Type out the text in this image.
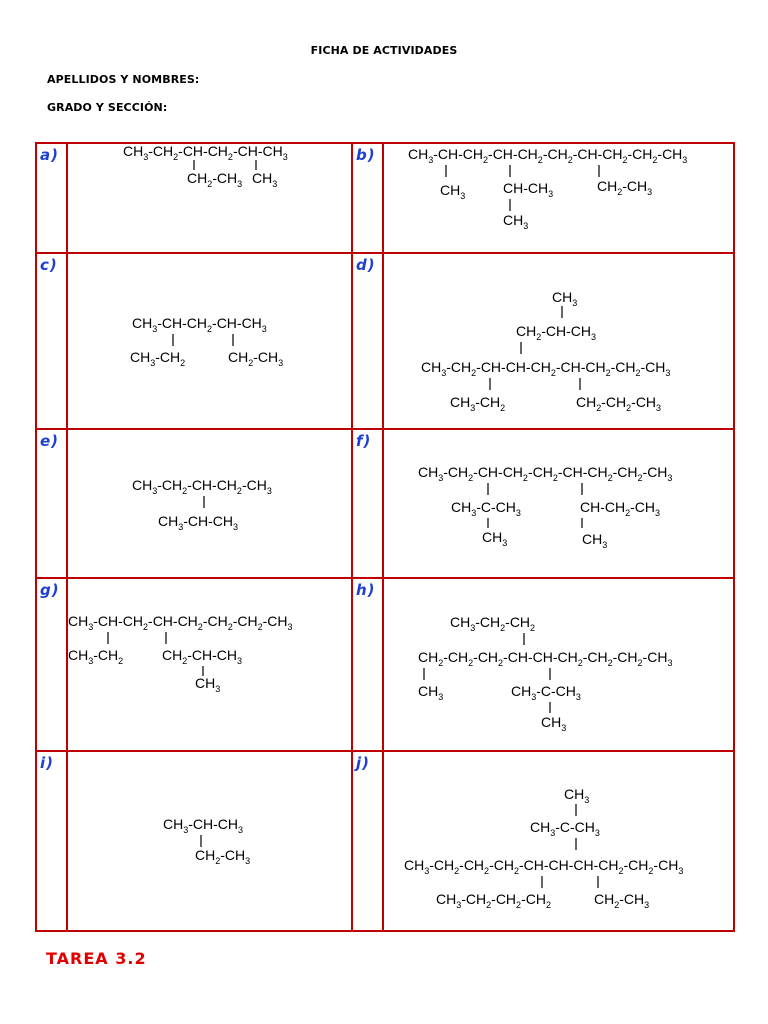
FICHA DE ACTIVIDADES
APELLIDOS Y NOMBRES:
GRADO Y SECCIÓN:
a)	b)
c)	d)
e)	f)
g)	h)
i)	j)
$CH_3-CH_2-CH-CH_2-CH-CH_3$
$CH_2-CH_3$ $CH_3$
$CH_3-CH-CH_2-CH-CH_2-CH_2-CH-CH_2-CH_2-CH_3$
$CH_3$	$CH-CH_3$	$CH_2-CH_3$
$CH_3$
$CH_3-CH-CH_2-CH-CH_3$
$CH_3-CH_2$	$CH_2-CH_3$
$CH_3$
$CH_2-CH-CH_3$
$CH_3-CH_2-CH-CH-CH_2-CH-CH_2-CH_2-CH_3$
$CH_3-CH_2$	$CH_2-CH_2-CH_3$
$CH_3-CH_2-CH-CH_2-CH_3$
$CH_3-CH-CH_3$
$CH_3-CH_2-CH-CH_2-CH_2-CH-CH_2-CH_2-CH_3$
$CH_3-C-CH_3$	$CH-CH_2-CH_3$
$CH_3$	$CH_3$
$CH_3-CH-CH_2-CH-CH_2-CH_2-CH_2-CH_3$
$CH_3-CH_2$	$CH_2-CH-CH_3$
$CH_3$
$CH_3-CH_2-CH_2$
$CH_2-CH_2-CH_2-CH-CH-CH_2-CH_2-CH_2-CH_3$
$CH_3$	$CH_3-C-CH_3$
$CH_3$
$CH_3-CH-CH_3$
$CH_2-CH_3$
$CH_3$
$CH_3-C-CH_3$
$CH_3-CH_2-CH_2-CH_2-CH-CH-CH-CH_2-CH_2-CH_3$
$CH_3-CH_2-CH_2-CH_2$	$CH_2-CH_3$
TAREA 3.2
